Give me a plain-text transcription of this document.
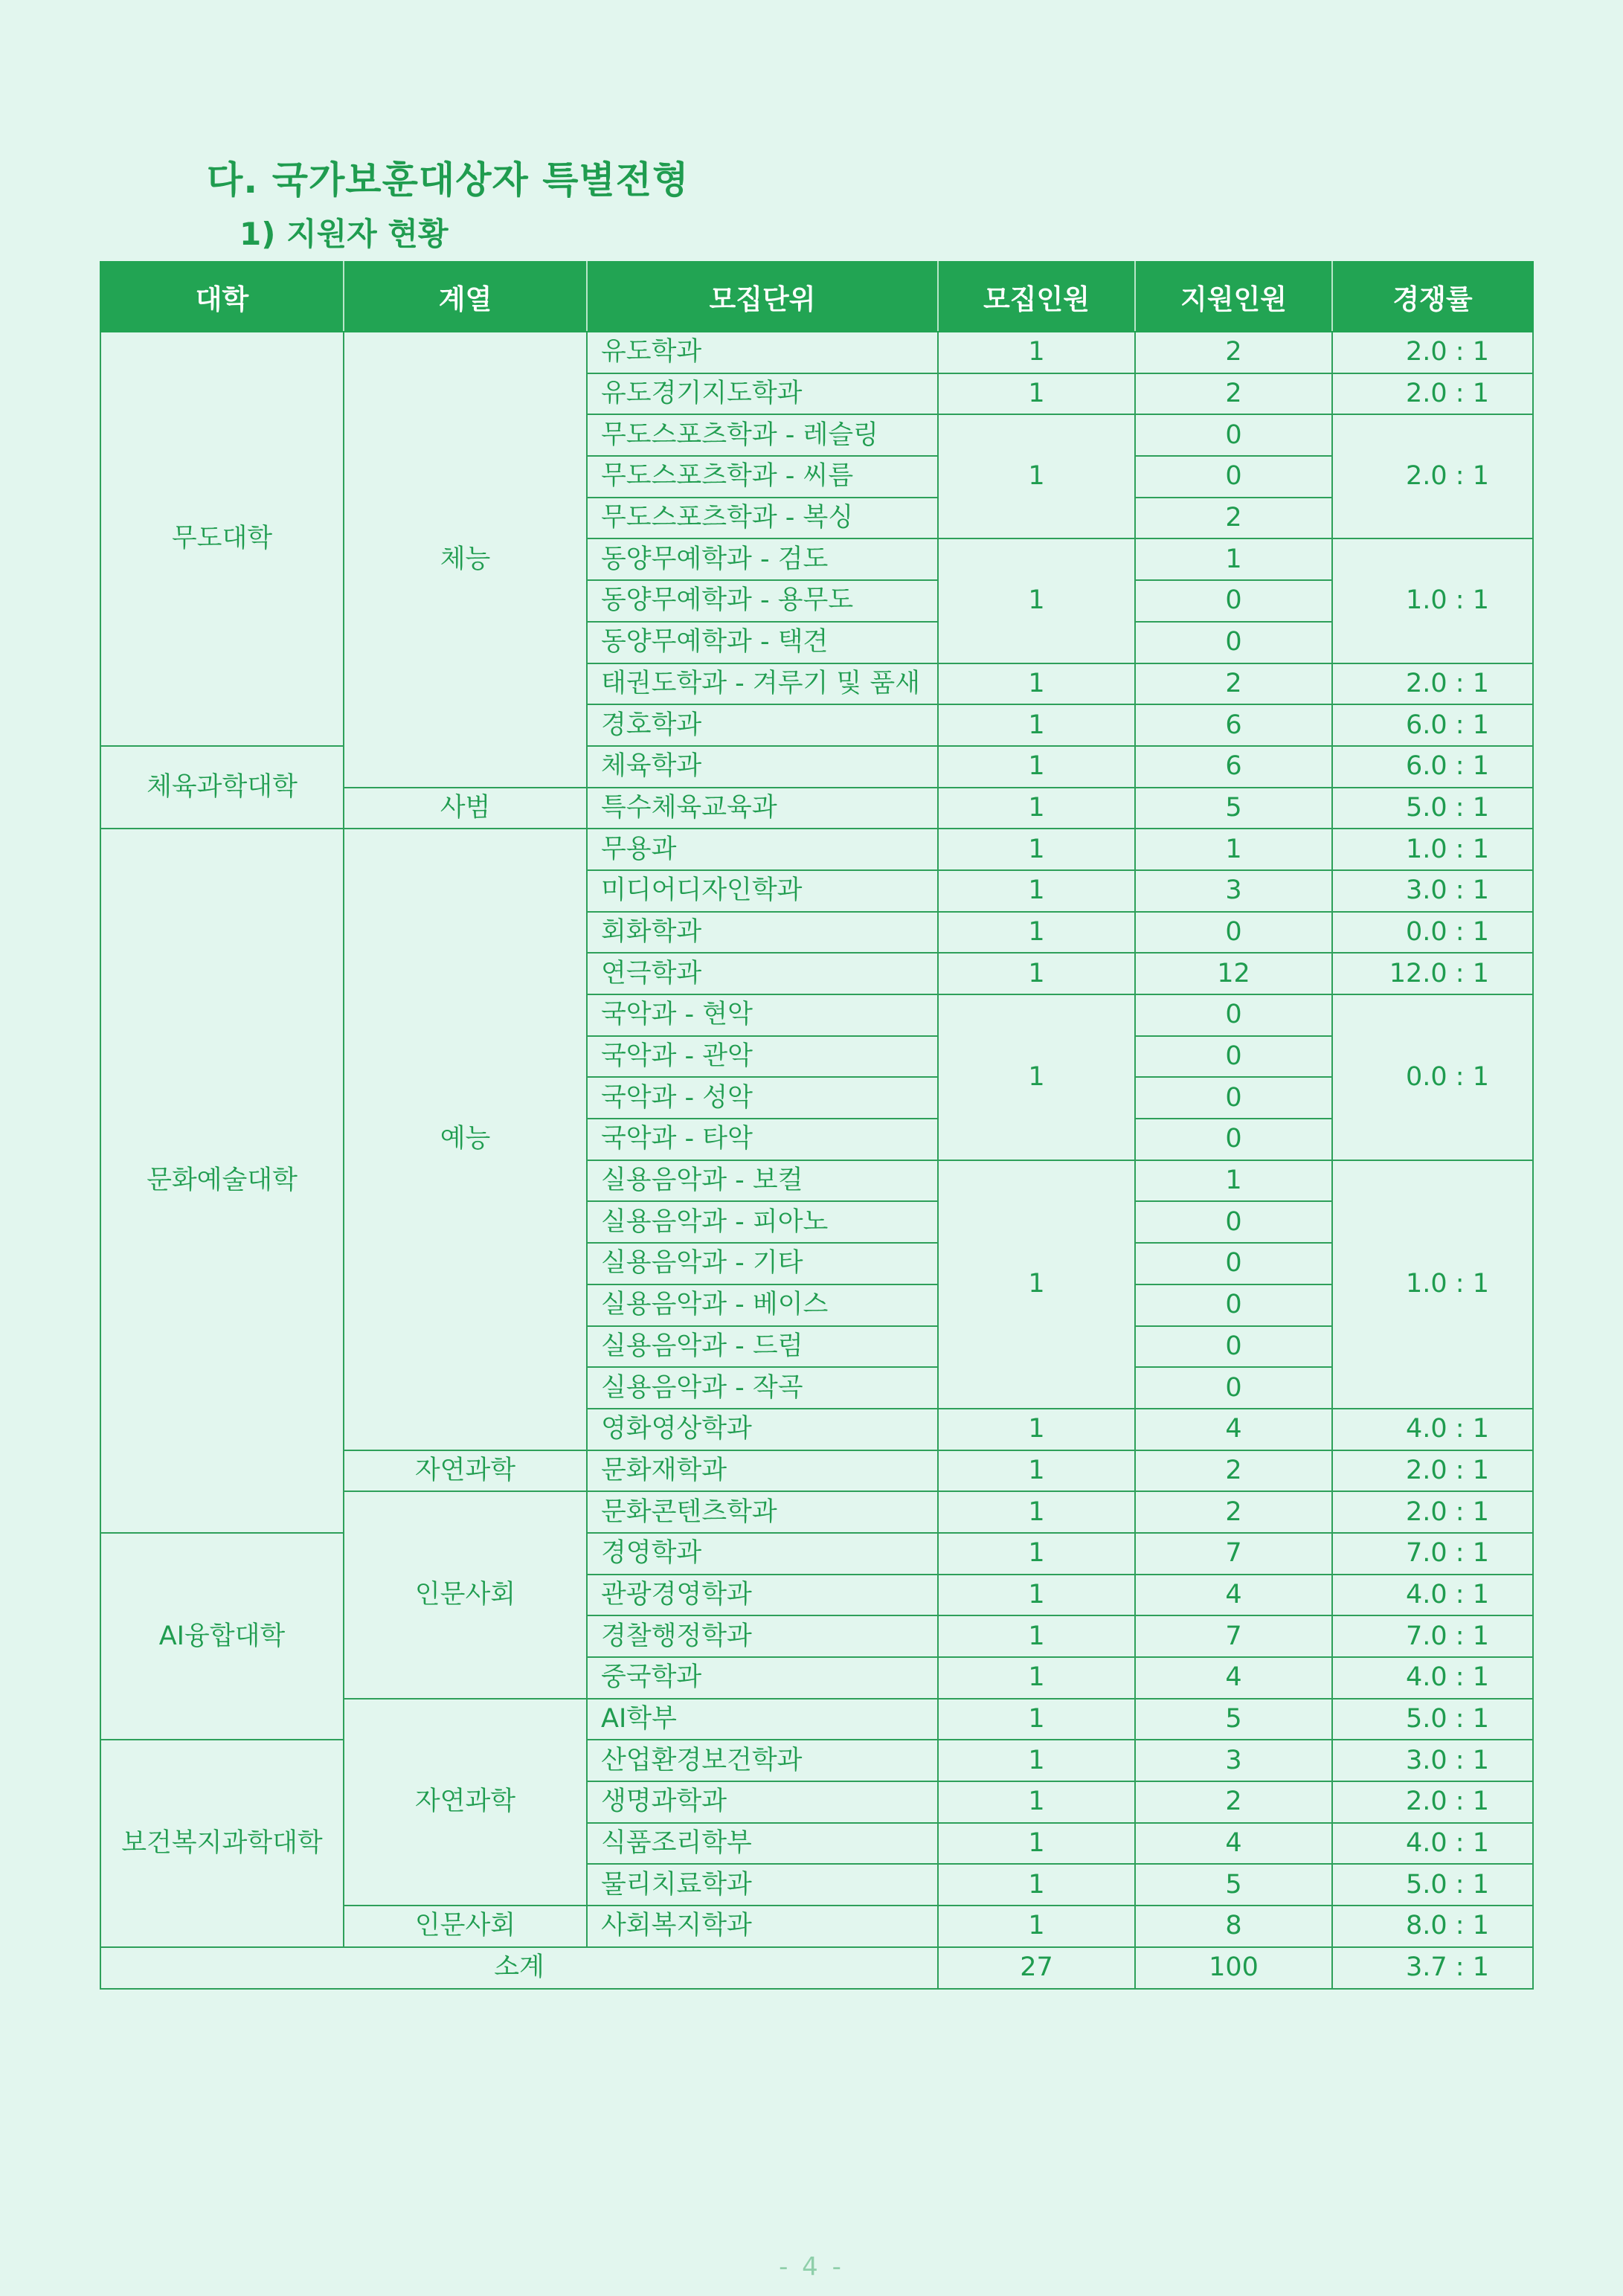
다. 국가보훈대상자 특별전형
1) 지원자 현황
대학	계열	모집단위	모집인원	지원인원	경쟁률
무도대학	체능	유도학과	1	2	2.0 : 1
		유도경기지도학과	1	2	2.0 : 1
		무도스포츠학과 - 레슬링	1	0	2.0 : 1
		무도스포츠학과 - 씨름		0	
		무도스포츠학과 - 복싱		2	
		동양무예학과 - 검도	1	1	1.0 : 1
		동양무예학과 - 용무도		0	
		동양무예학과 - 택견		0	
		태권도학과 - 겨루기 및 품새	1	2	2.0 : 1
		경호학과	1	6	6.0 : 1
체육과학대학		체육학과	1	6	6.0 : 1
	사범	특수체육교육과	1	5	5.0 : 1
문화예술대학	예능	무용과	1	1	1.0 : 1
		미디어디자인학과	1	3	3.0 : 1
		회화학과	1	0	0.0 : 1
		연극학과	1	12	12.0 : 1
		국악과 - 현악	1	0	0.0 : 1
		국악과 - 관악		0	
		국악과 - 성악		0	
		국악과 - 타악		0	
		실용음악과 - 보컬	1	1	1.0 : 1
		실용음악과 - 피아노		0	
		실용음악과 - 기타		0	
		실용음악과 - 베이스		0	
		실용음악과 - 드럼		0	
		실용음악과 - 작곡		0	
		영화영상학과	1	4	4.0 : 1
	자연과학	문화재학과	1	2	2.0 : 1
	인문사회	문화콘텐츠학과	1	2	2.0 : 1
AI융합대학		경영학과	1	7	7.0 : 1
		관광경영학과	1	4	4.0 : 1
		경찰행정학과	1	7	7.0 : 1
		중국학과	1	4	4.0 : 1
	자연과학	AI학부	1	5	5.0 : 1
보건복지과학대학		산업환경보건학과	1	3	3.0 : 1
		생명과학과	1	2	2.0 : 1
		식품조리학부	1	4	4.0 : 1
		물리치료학과	1	5	5.0 : 1
	인문사회	사회복지학과	1	8	8.0 : 1
소계			27	100	3.7 : 1
- 4 -
